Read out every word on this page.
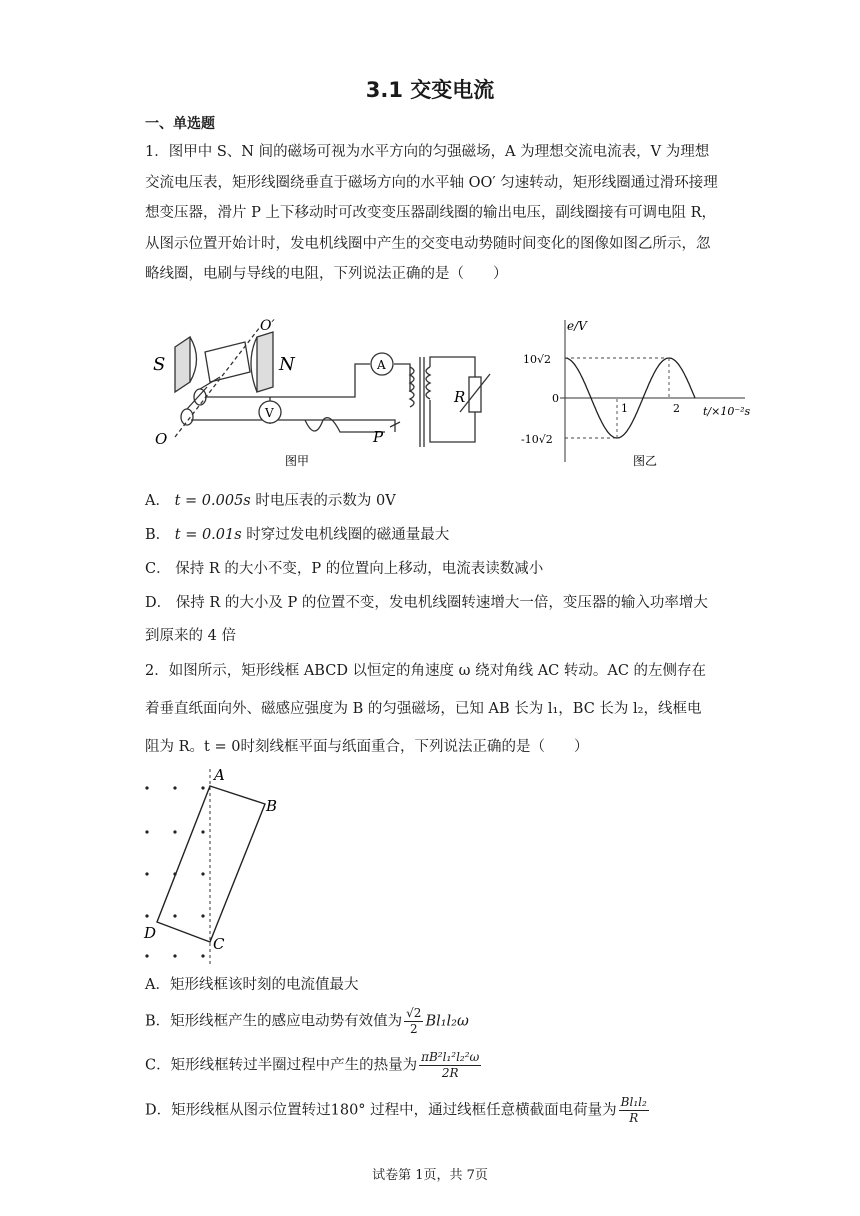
3.1 交变电流
一、单选题
1．图甲中 S、N 间的磁场可视为水平方向的匀强磁场，A 为理想交流电流表，V 为理想交流电压表，矩形线圈绕垂直于磁场方向的水平轴 OO′ 匀速转动，矩形线圈通过滑环接理想变压器，滑片 P 上下移动时可改变变压器副线圈的输出电压，副线圈接有可调电阻 R，从图示位置开始计时，发电机线圈中产生的交变电动势随时间变化的图像如图乙所示，忽略线圈，电刷与导线的电阻，下列说法正确的是（　　）
S	N
O
O′
A
V
P
R
图甲
e/V
t/×10⁻²s
10√2
0
-10√2
1	2
图乙
A． t = 0.005s 时电压表的示数为 0V
B． t = 0.01s 时穿过发电机线圈的磁通量最大
C． 保持 R 的大小不变，P 的位置向上移动，电流表读数减小
D． 保持 R 的大小及 P 的位置不变，发电机线圈转速增大一倍，变压器的输入功率增大
到原来的 4 倍
2．如图所示，矩形线框 ABCD 以恒定的角速度 ω 绕对角线 AC 转动。AC 的左侧存在
着垂直纸面向外、磁感应强度为 B 的匀强磁场，已知 AB 长为 l₁，BC 长为 l₂，线框电
阻为 R。t = 0时刻线框平面与纸面重合，下列说法正确的是（　　）
A
B
C
D
A．矩形线框该时刻的电流值最大
B．矩形线框产生的感应电动势有效值为 $\frac{√2}{2} Bl_1l_2\omega$
C．矩形线框转过半圈过程中产生的热量为 $\frac{\text{πB²l₁²l₂²ω}}{2R}$
D．矩形线框从图示位置转过180° 过程中，通过线框任意横截面电荷量为 $\frac{\text{Bl₁l₂}}{R}$
试卷第 1页，共 7页
